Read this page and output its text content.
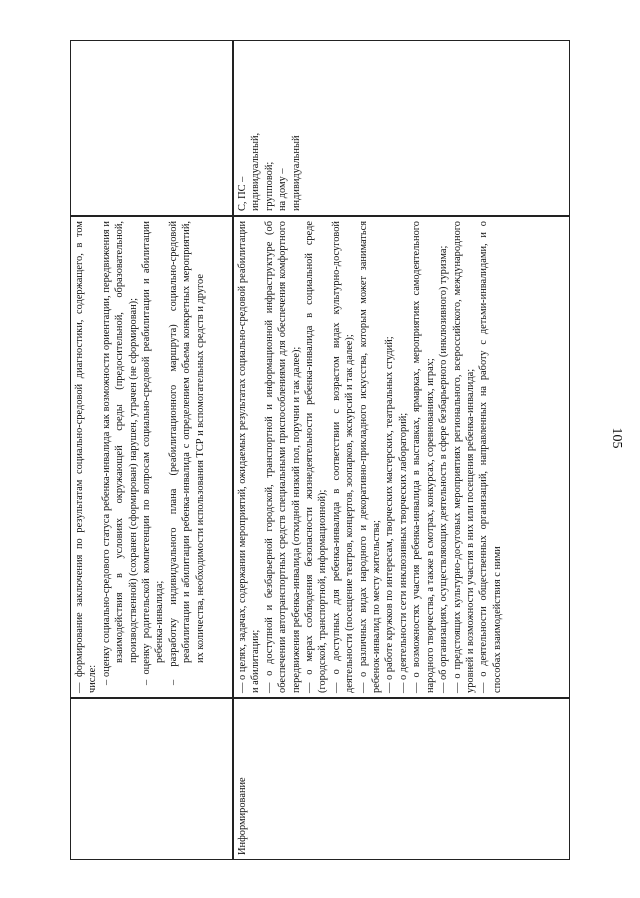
105
— формирование заключения по результатам социально-средовой диагностики, содержащего, в том числе: – оценку социально-средового статуса ребенка-инвалида как возможности ориентации, передвижения и взаимодействия в условиях окружающей среды (предосительной, образовательной, производственной) (сохранен (сформирован) нарушен, утрачен (не сформирован); – оценку родительской компетенции по вопросам социально-средовой реабилитации и абилитации ребенка-инвалида; – разработку индивидуального плана (реабилитационного маршрута) социально-средовой реабилитации и абилитации ребенка-инвалида с определением объема конкретных мероприятий, их количества, необходимости использования ТСР и вспомогательных средств и другое
Информирование
— о целях, задачах, содержании мероприятий, ожидаемых результатах социально-средовой реабилитации и абилитации; — о доступной и безбарьерной городской, транспортной и информационной инфраструктуре (об обеспечении автотранспортных средств специальными приспособлениями для обеспечения комфортного передвижения ребенка-инвалида (откидной низкий пол, поручни и так далее); — о мерах соблюдения безопасности жизнедеятельности ребенка-инвалида в социальной среде (городской, транспортной, информационной); — о доступных для ребенка-инвалида в соответствии с возрастом видах культурно-досуговой деятельности (посещение театров, концертов, зоопарков, экскурсий и так далее); — о различных видах народного и декоративно-прикладного искусства, которым может заниматься ребенок-инвалид по месту жительства; — о работе кружков по интересам, творческих мастерских, театральных студий; — о деятельности сети инклюзивных творческих лабораторий; — о возможностях участия ребенка-инвалида в выставках, ярмарках, мероприятиях самодеятельного народного творчества, а также в смотрах, конкурсах, соревнованиях, играх; — об организациях, осуществляющих деятельность в сфере безбарьерного (инклюзивного) туризма; — о предстоящих культурно-досуговых мероприятиях регионального, всероссийского, международного уровней и возможности участия в них или посещения ребенка-инвалида; — о деятельности общественных организаций, направленных на работу с детьми-инвалидами, и о способах взаимодействия с ними
С, ПС – индивидуальный, групповой; на дому – индивидуальный
